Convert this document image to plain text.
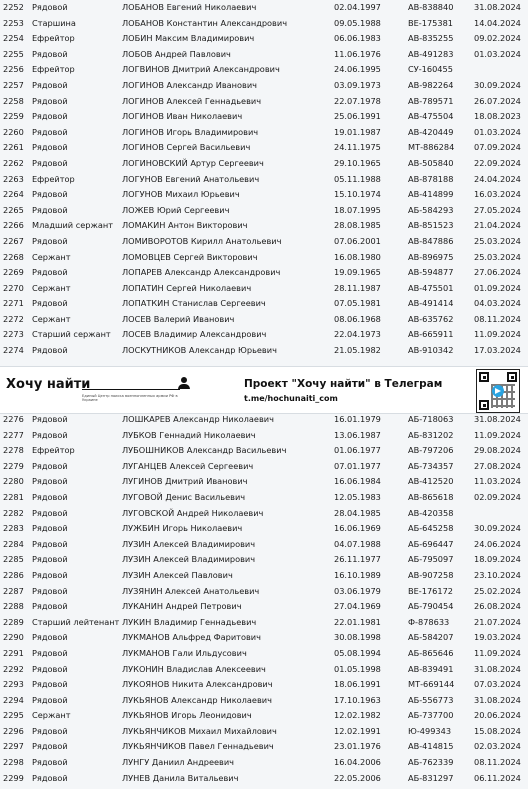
2252 Рядовой	ЛОБАНОВ Евгений Николаевич	02.04.1997	АВ-838840	31.08.2024
2253 Старшина	ЛОБАНОВ Константин Александрович	09.05.1988	ВЕ-175381	14.04.2024
2254 Ефрейтор	ЛОБИН Максим Владимирович	06.06.1983	АВ-835255	09.02.2024
2255 Рядовой	ЛОБОВ Андрей Павлович	11.06.1976	АВ-491283	01.03.2024
2256 Ефрейтор	ЛОГВИНОВ Дмитрий Александрович	24.06.1995	СУ-160455
2257 Рядовой	ЛОГИНОВ Александр Иванович	03.09.1973	АВ-982264	30.09.2024
2258 Рядовой	ЛОГИНОВ Алексей Геннадьевич	22.07.1978	АВ-789571	26.07.2024
2259 Рядовой	ЛОГИНОВ Иван Николаевич	25.06.1991	АВ-475504	18.08.2023
2260 Рядовой	ЛОГИНОВ Игорь Владимирович	19.01.1987	АВ-420449	01.03.2024
2261 Рядовой	ЛОГИНОВ Сергей Васильевич	24.11.1975	МТ-886284 07.09.2024
2262 Рядовой	ЛОГИНОВСКИЙ Артур Сергеевич	29.10.1965	АВ-505840	22.09.2024
2263 Ефрейтор	ЛОГУНОВ Евгений Анатольевич	05.11.1988	АВ-878188	24.04.2024
2264 Рядовой	ЛОГУНОВ Михаил Юрьевич	15.10.1974	АВ-414899	16.03.2024
2265 Рядовой	ЛОЖЕВ Юрий Сергеевич	18.07.1995	АБ-584293	27.05.2024
2266 Младший сержант ЛОМАКИН Антон Викторович	28.08.1985	АВ-851523	21.04.2024
2267 Рядовой	ЛОМИВОРОТОВ Кирилл Анатольевич	07.06.2001	АВ-847886	25.03.2024
2268 Сержант	ЛОМОВЦЕВ Сергей Викторович	16.08.1980	АВ-896975	25.03.2024
2269 Рядовой	ЛОПАРЕВ Александр Александрович	19.09.1965	АВ-594877	27.06.2024
2270 Сержант	ЛОПАТИН Сергей Николаевич	28.11.1987	АВ-475501	01.09.2024
2271 Рядовой	ЛОПАТКИН Станислав Сергеевич	07.05.1981	АВ-491414	04.03.2024
2272 Сержант	ЛОСЕВ Валерий Иванович	08.06.1968	АВ-635762	08.11.2024
2273 Старший сержант ЛОСЕВ Владимир Александрович	22.04.1973	АВ-665911	11.09.2024
2274 Рядовой	ЛОСКУТНИКОВ Александр Юрьевич	21.05.1982	АВ-910342	17.03.2024
Хочу найти
Единый Центр поиска военнопленных армии РФ в Украине
Проект "Хочу найти" в Телеграм
t.me/hochunaiti_com
2276 Рядовой	ЛОШКАРЕВ Александр Николаевич	16.01.1979	АБ-718063	31.08.2024
2277 Рядовой	ЛУБКОВ Геннадий Николаевич	13.06.1987	АБ-831202	11.09.2024
2278 Ефрейтор	ЛУБОШНИКОВ Александр Васильевич	01.06.1977	АВ-797206	29.08.2024
2279 Рядовой	ЛУГАНЦЕВ Алексей Сергеевич	07.01.1977	АБ-734357	27.08.2024
2280 Рядовой	ЛУГИНОВ Дмитрий Иванович	16.06.1984	АВ-412520	11.03.2024
2281 Рядовой	ЛУГОВОЙ Денис Васильевич	12.05.1983	АВ-865618	02.09.2024
2282 Рядовой	ЛУГОВСКОЙ Андрей Николаевич	28.04.1985	АВ-420358
2283 Рядовой	ЛУЖБИН Игорь Николаевич	16.06.1969	АБ-645258	30.09.2024
2284 Рядовой	ЛУЗИН Алексей Владимирович	04.07.1988	АБ-696447	24.06.2024
2285 Рядовой	ЛУЗИН Алексей Владимирович	26.11.1977	АБ-795097	18.09.2024
2286 Рядовой	ЛУЗИН Алексей Павлович	16.10.1989	АВ-907258	23.10.2024
2287 Рядовой	ЛУЗЯНИН Алексей Анатольевич	03.06.1979	ВЕ-176172	25.02.2024
2288 Рядовой	ЛУКАНИН Андрей Петрович	27.04.1969	АБ-790454	26.08.2024
2289 Старший лейтенант ЛУКИН Владимир Геннадьевич	22.01.1981	Ф-878633	21.07.2024
2290 Рядовой	ЛУКМАНОВ Альфред Фаритович	30.08.1998	АБ-584207	19.03.2024
2291 Рядовой	ЛУКМАНОВ Гали Ильдусович	05.08.1994	АБ-865646	11.09.2024
2292 Рядовой	ЛУКОНИН Владислав Алексеевич	01.05.1998	АВ-839491	31.08.2024
2293 Рядовой	ЛУКОЯНОВ Никита Александрович	18.06.1991	МТ-669144 07.03.2024
2294 Рядовой	ЛУКЬЯНОВ Александр Николаевич	17.10.1963	АБ-556773	31.08.2024
2295 Сержант	ЛУКЬЯНОВ Игорь Леонидович	12.02.1982	АБ-737700	20.06.2024
2296 Рядовой	ЛУКЬЯНЧИКОВ Михаил Михайлович	12.02.1991	Ю-499343	15.08.2024
2297 Рядовой	ЛУКЬЯНЧИКОВ Павел Геннадьевич	23.01.1976	АВ-414815	02.03.2024
2298 Рядовой	ЛУНГУ Даниил Андреевич	16.04.2006	АБ-762339	08.11.2024
2299 Рядовой	ЛУНЕВ Данила Витальевич	22.05.2006	АБ-831297	06.11.2024
